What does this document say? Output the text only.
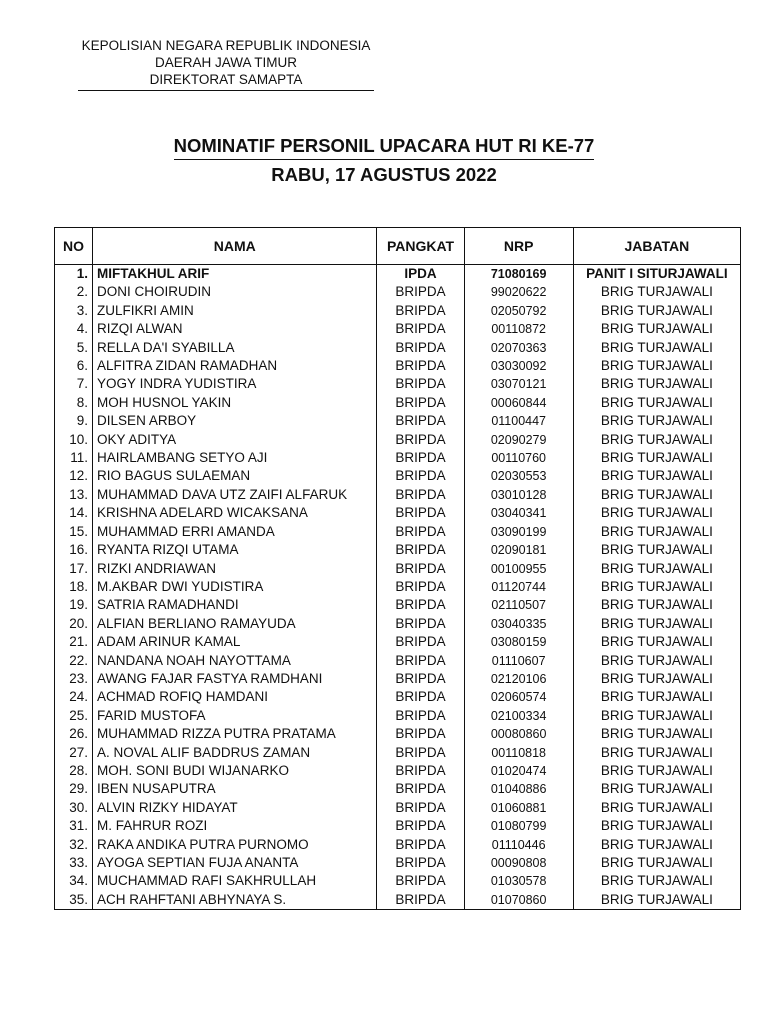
KEPOLISIAN NEGARA REPUBLIK INDONESIA
DAERAH JAWA TIMUR
DIREKTORAT SAMAPTA
NOMINATIF PERSONIL UPACARA HUT RI KE-77
RABU, 17 AGUSTUS 2022
NO	NAMA	PANGKAT	NRP	JABATAN
1.	MIFTAKHUL ARIF	IPDA	71080169	PANIT I SITURJAWALI
2.	DONI CHOIRUDIN	BRIPDA	99020622	BRIG TURJAWALI
3.	ZULFIKRI AMIN	BRIPDA	02050792	BRIG TURJAWALI
4.	RIZQI ALWAN	BRIPDA	00110872	BRIG TURJAWALI
5.	RELLA DA'I SYABILLA	BRIPDA	02070363	BRIG TURJAWALI
6.	ALFITRA ZIDAN RAMADHAN	BRIPDA	03030092	BRIG TURJAWALI
7.	YOGY INDRA YUDISTIRA	BRIPDA	03070121	BRIG TURJAWALI
8.	MOH HUSNOL YAKIN	BRIPDA	00060844	BRIG TURJAWALI
9.	DILSEN ARBOY	BRIPDA	01100447	BRIG TURJAWALI
10.	OKY ADITYA	BRIPDA	02090279	BRIG TURJAWALI
11.	HAIRLAMBANG SETYO AJI	BRIPDA	00110760	BRIG TURJAWALI
12.	RIO BAGUS SULAEMAN	BRIPDA	02030553	BRIG TURJAWALI
13.	MUHAMMAD DAVA UTZ ZAIFI ALFARUK	BRIPDA	03010128	BRIG TURJAWALI
14.	KRISHNA ADELARD WICAKSANA	BRIPDA	03040341	BRIG TURJAWALI
15.	MUHAMMAD ERRI AMANDA	BRIPDA	03090199	BRIG TURJAWALI
16.	RYANTA RIZQI UTAMA	BRIPDA	02090181	BRIG TURJAWALI
17.	RIZKI ANDRIAWAN	BRIPDA	00100955	BRIG TURJAWALI
18.	M.AKBAR DWI YUDISTIRA	BRIPDA	01120744	BRIG TURJAWALI
19.	SATRIA RAMADHANDI	BRIPDA	02110507	BRIG TURJAWALI
20.	ALFIAN BERLIANO RAMAYUDA	BRIPDA	03040335	BRIG TURJAWALI
21.	ADAM ARINUR KAMAL	BRIPDA	03080159	BRIG TURJAWALI
22.	NANDANA NOAH NAYOTTAMA	BRIPDA	01110607	BRIG TURJAWALI
23.	AWANG FAJAR FASTYA RAMDHANI	BRIPDA	02120106	BRIG TURJAWALI
24.	ACHMAD ROFIQ HAMDANI	BRIPDA	02060574	BRIG TURJAWALI
25.	FARID MUSTOFA	BRIPDA	02100334	BRIG TURJAWALI
26.	MUHAMMAD RIZZA PUTRA PRATAMA	BRIPDA	00080860	BRIG TURJAWALI
27.	A. NOVAL ALIF BADDRUS ZAMAN	BRIPDA	00110818	BRIG TURJAWALI
28.	MOH. SONI BUDI WIJANARKO	BRIPDA	01020474	BRIG TURJAWALI
29.	IBEN NUSAPUTRA	BRIPDA	01040886	BRIG TURJAWALI
30.	ALVIN RIZKY HIDAYAT	BRIPDA	01060881	BRIG TURJAWALI
31.	M. FAHRUR ROZI	BRIPDA	01080799	BRIG TURJAWALI
32.	RAKA ANDIKA PUTRA PURNOMO	BRIPDA	01110446	BRIG TURJAWALI
33.	AYOGA SEPTIAN FUJA ANANTA	BRIPDA	00090808	BRIG TURJAWALI
34.	MUCHAMMAD RAFI SAKHRULLAH	BRIPDA	01030578	BRIG TURJAWALI
35.	ACH RAHFTANI ABHYNAYA S.	BRIPDA	01070860	BRIG TURJAWALI
